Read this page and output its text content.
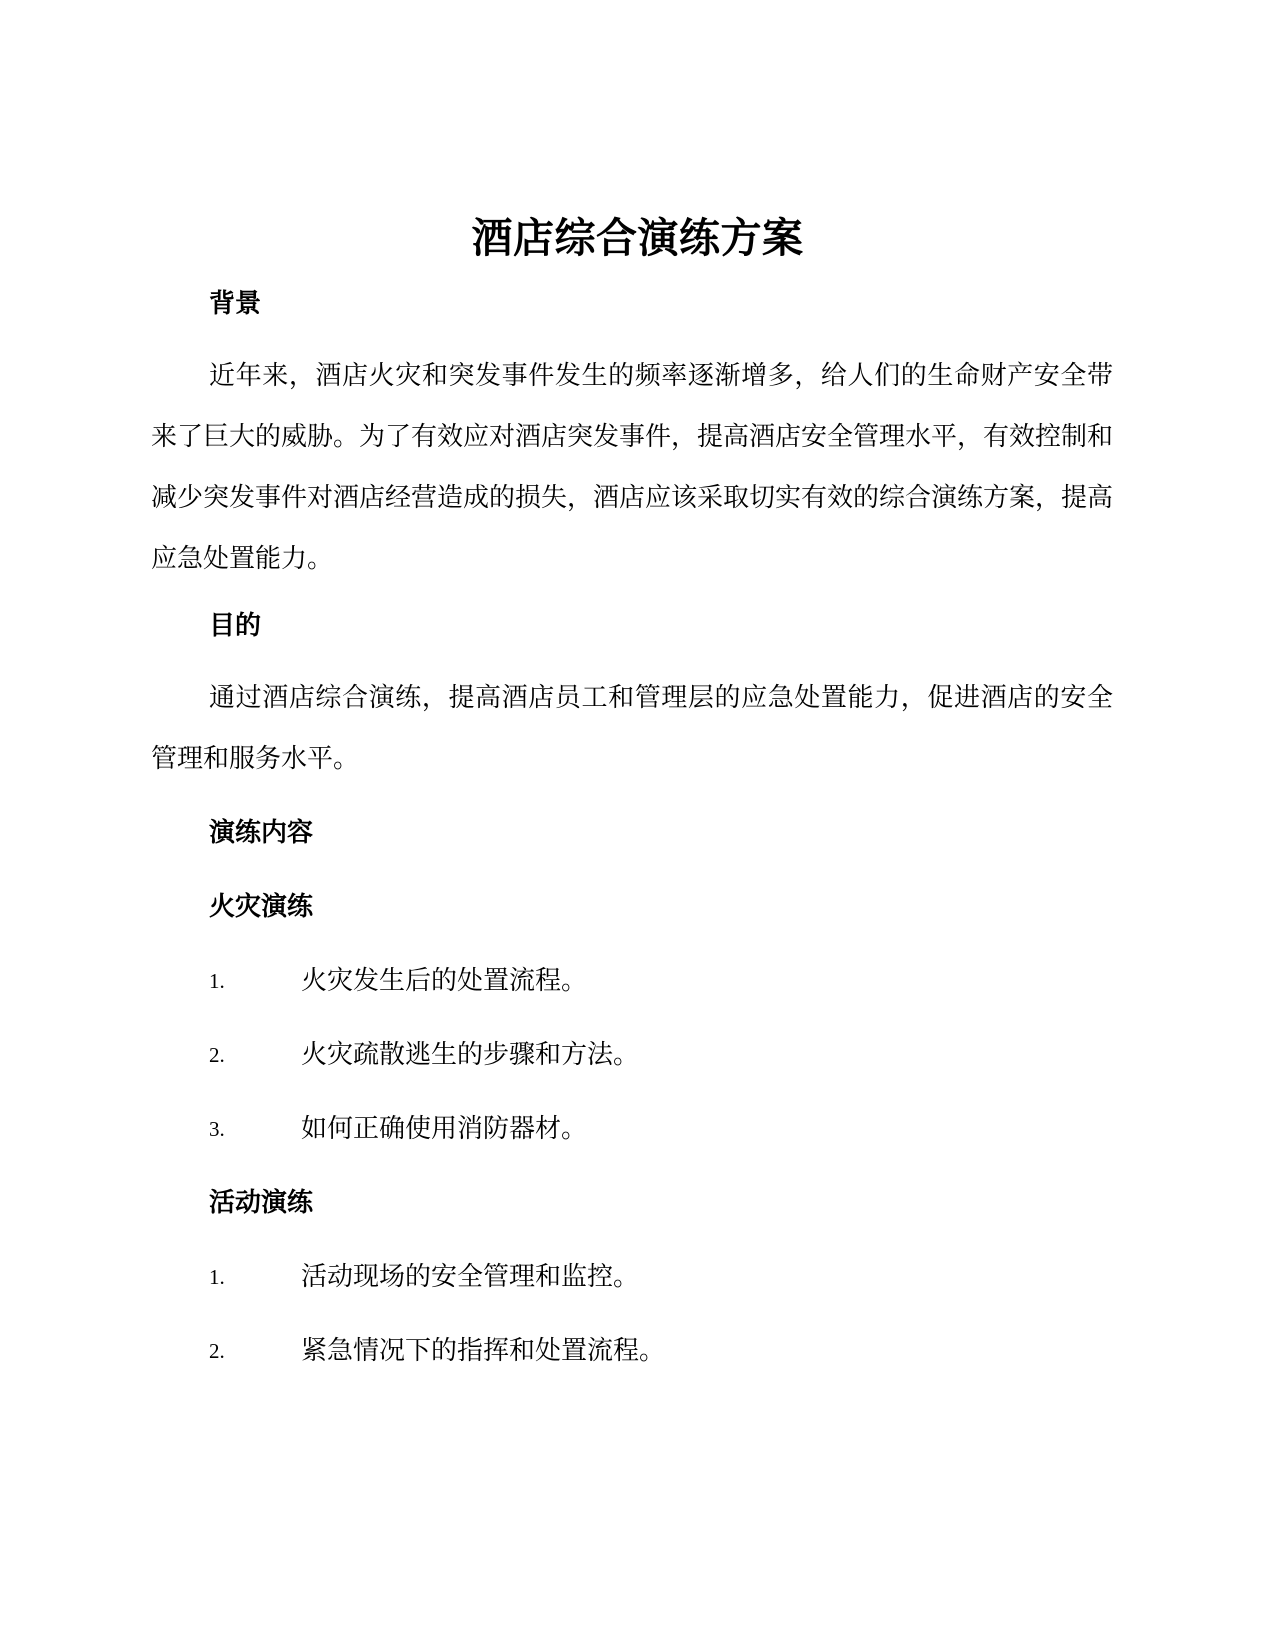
酒店综合演练方案
背景
近年来，酒店火灾和突发事件发生的频率逐渐增多，给人们的生命财产安全带来了巨大的威胁。为了有效应对酒店突发事件，提高酒店安全管理水平，有效控制和减少突发事件对酒店经营造成的损失，酒店应该采取切实有效的综合演练方案，提高应急处置能力。
目的
通过酒店综合演练，提高酒店员工和管理层的应急处置能力，促进酒店的安全管理和服务水平。
演练内容
火灾演练
1.	火灾发生后的处置流程。
2.	火灾疏散逃生的步骤和方法。
3.	如何正确使用消防器材。
活动演练
1.	活动现场的安全管理和监控。
2.	紧急情况下的指挥和处置流程。
